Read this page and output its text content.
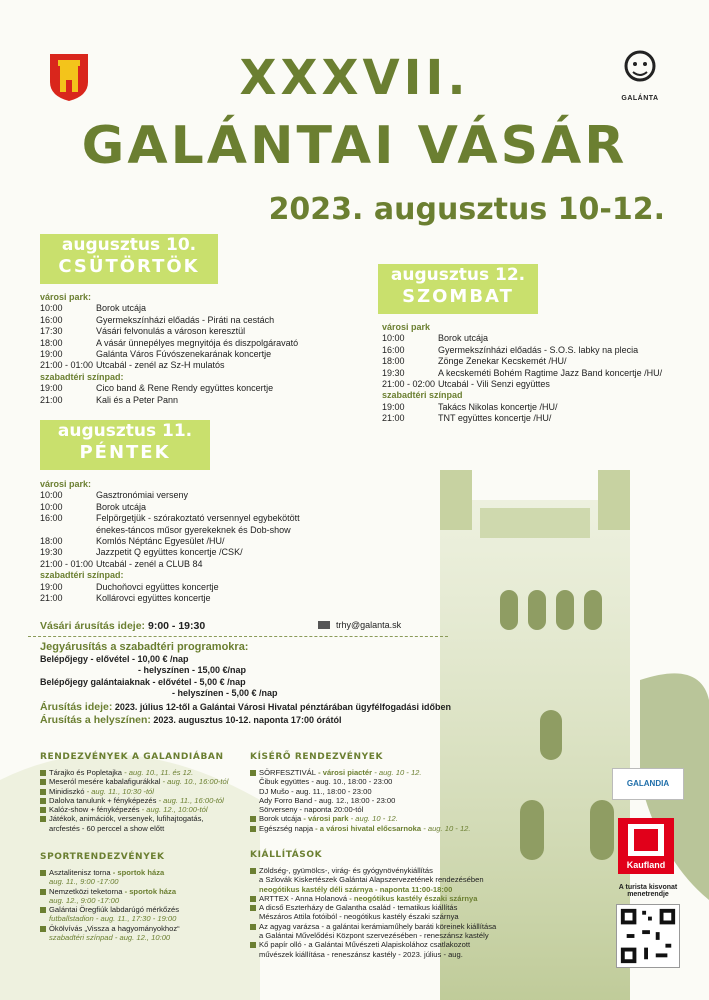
GALÁNTA
XXXVII.
GALÁNTAI VÁSÁR
2023. augusztus 10-12.
augusztus 10.
CSÜTÖRTÖK
városi park:
10:00	Borok utcája
16:00	Gyermekszínházi előadás - Piráti na cestách
17:30	Vásári felvonulás a városon keresztül
18:00	A vásár ünnepélyes megnyitója és diszpolgáravató
19:00	Galánta Város Fúvószenekarának koncertje
21:00 - 01:00 Utcabál - zenél az Sz-H mulatós
szabadtéri színpad:
19:00	Cico band & Rene Rendy együttes koncertje
21:00	Kali és a Peter Pann
augusztus 12.
SZOMBAT
városi park
10:00	Borok utcája
16:00	Gyermekszínházi előadás - S.O.S. labky na plecia
18:00	Zönge Zenekar Kecskemét /HU/
19:30	A kecskeméti Bohém Ragtime Jazz Band koncertje /HU/
21:00 - 02:00 Utcabál - Vili Senzi együttes
szabadtéri színpad
19:00	Takács Nikolas koncertje /HU/
21:00	TNT együttes koncertje /HU/
augusztus 11.
PÉNTEK
városi park:
10:00	Gasztronómiai verseny
10:00	Borok utcája
16:00	Felpörgetjük - szórakoztató versennyel egybekötött
énekes-táncos műsor gyerekeknek és Dob-show
18:00	Komlós Néptánc Egyesület /HU/
19:30	Jazzpetit Q együttes koncertje /CSK/
21:00 - 01:00 Utcabál - zenél a CLUB 84
szabadtéri színpad:
19:00	Duchoňovci együttes koncertje
21:00	Kollárovci együttes koncertje
Vásári árusítás ideje: 9:00 - 19:30	trhy@galanta.sk
Jegyárusítás a szabadtéri programokra:
Belépőjegy - elővétel - 10,00 € /nap
- helyszínen - 15,00 €/nap
Belépőjegy galántaiaknak - elővétel - 5,00 € /nap
- helyszínen - 5,00 € /nap
Árusítás ideje: 2023. július 12-től a Galántai Városi Hivatal pénztárában ügyfélfogadási időben
Árusítás a helyszínen: 2023. augusztus 10-12. naponta 17:00 órától
RENDEZVÉNYEK A GALANDIÁBAN
Tárajko és Popletajka - aug. 10., 11. és 12.
Meseról mesére kabalafigurákkal - aug. 10., 16:00-tól
Minidiszkó - aug. 11., 10:30 -tól
Dalolva tanulunk + fényképezés - aug. 11., 16:00-tól
Kalóz-show + fényképezés - aug. 12., 10:00-tól
Játékok, animációk, versenyek, lufihajtogatás,
arcfestés - 60 perccel a show előtt
SPORTRENDEZVÉNYEK
Asztalitenisz torna - sportok háza
aug. 11., 9:00 -17:00
Nemzetközi teketorna - sportok háza
aug. 12., 9:00 -17:00
Galántai Öregfiúk labdarúgó mérkőzés
futballstadion - aug. 11., 17:30 - 19:00
Ökölvívás „Vissza a hagyományokhoz“
szabadtéri színpad - aug. 12., 10:00
KÍSÉRŐ RENDEZVÉNYEK
SÖRFESZTIVÁL - városi piactér - aug. 10 - 12.
Čibuk együttes - aug. 10., 18:00 - 23:00
DJ Mušo - aug. 11., 18:00 - 23:00
Ady Forro Band - aug. 12., 18:00 - 23:00
Sörverseny - naponta 20:00-tól
Borok utcája - városi park - aug. 10 - 12.
Egészség napja - a városi hivatal előcsarnoka - aug. 10 - 12.
KIÁLLÍTÁSOK
Zöldség-, gyümölcs-, virág- és gyógynövénykiállítás
a Szlovák Kiskertészek Galántai Alapszervezetének rendezésében
neogótikus kastély déli szárnya - naponta 11:00-18:00
ARTTEX - Anna Holanová - neogótikus kastély északi szárnya
A dicső Eszterházy de Galantha család - tematikus kiállítás
Mészáros Attila fotóiból - neogótikus kastély északi szárnya
Az agyag varázsa - a galántai kerámiaműhely baráti köreinek kiállítása
a Galántai Művelődési Központ szervezésében - reneszánsz kastély
Kő papír olló - a Galántai Művészeti Alapiskolához csatlakozott
művészek kiállítása - reneszánsz kastély - 2023. július - aug.
GALANDIA
Kaufland
A turista kisvonat menetrendje
